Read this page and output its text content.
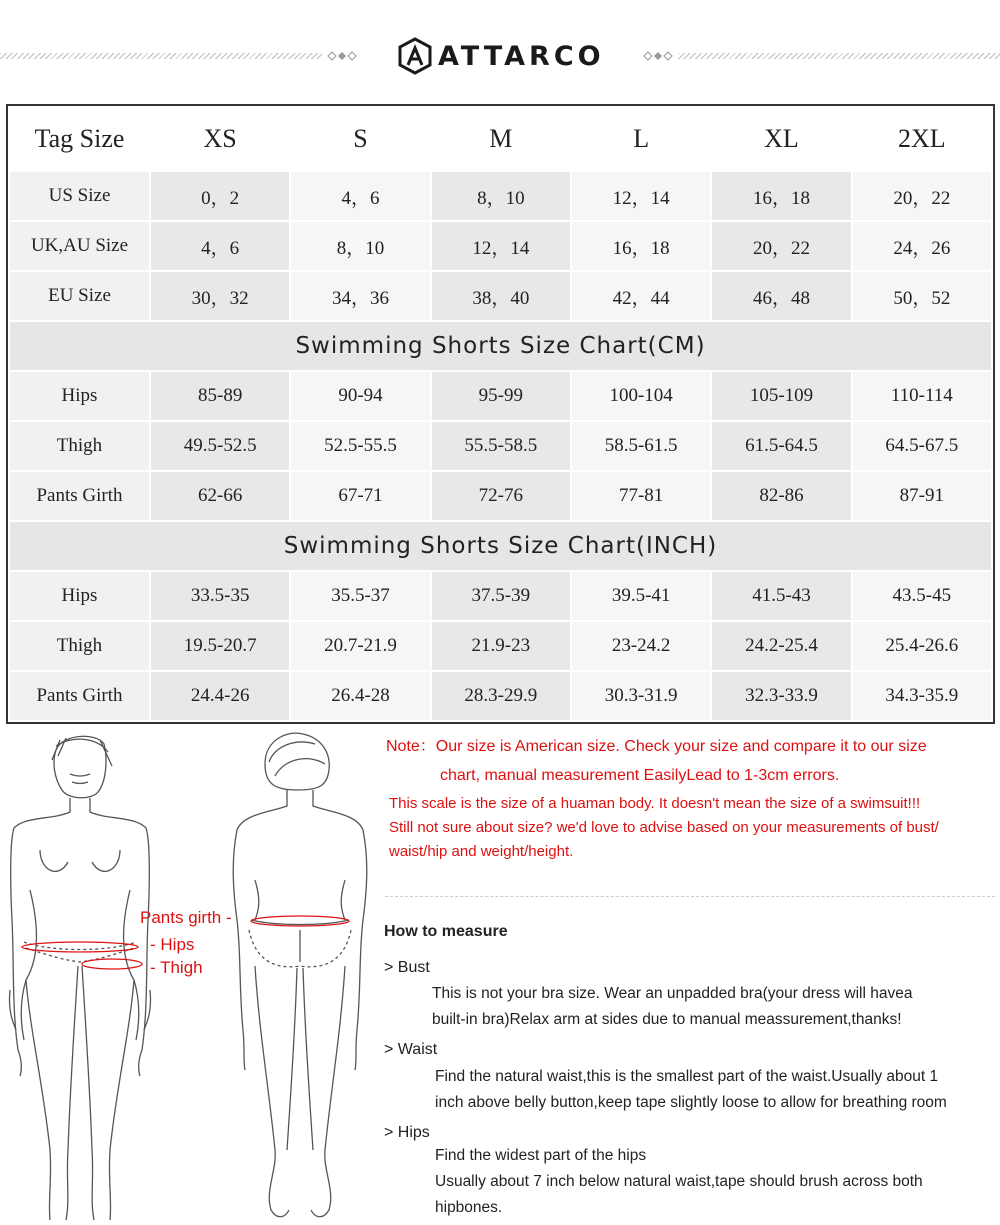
ATTARCO
Tag Size	XS	S	M	L	XL	2XL
US Size	0，2	4，6	8，10	12，14	16，18	20，22
UK,AU Size	4，6	8，10	12，14	16，18	20，22	24，26
EU Size	30，32	34，36	38，40	42，44	46，48	50，52
Swimming Shorts Size Chart(CM)						
Hips	85-89	90-94	95-99	100-104	105-109	110-114
Thigh	49.5-52.5	52.5-55.5	55.5-58.5	58.5-61.5	61.5-64.5	64.5-67.5
Pants Girth	62-66	67-71	72-76	77-81	82-86	87-91
Swimming Shorts Size Chart(INCH)						
Hips	33.5-35	35.5-37	37.5-39	39.5-41	41.5-43	43.5-45
Thigh	19.5-20.7	20.7-21.9	21.9-23	23-24.2	24.2-25.4	25.4-26.6
Pants Girth	24.4-26	26.4-28	28.3-29.9	30.3-31.9	32.3-33.9	34.3-35.9
Pants girth -
- Hips
- Thigh
Note：Our size is American size. Check your size and compare it to our size
chart, manual measurement EasilyLead to 1-3cm errors.
This scale is the size of a huaman body. It doesn't mean the size of a swimsuit!!!
Still not sure about size? we'd love to advise based on your measurements of bust/
waist/hip and weight/height.
How to measure
> Bust
This is not your bra size. Wear an unpadded bra(your dress will havea
built-in bra)Relax arm at sides due to manual meassurement,thanks!
> Waist
Find the natural waist,this is the smallest part of the waist.Usually about 1
inch above belly button,keep tape slightly loose to allow for breathing room
> Hips
Find the widest part of the hips
Usually about 7 inch below natural waist,tape should brush across both
hipbones.
